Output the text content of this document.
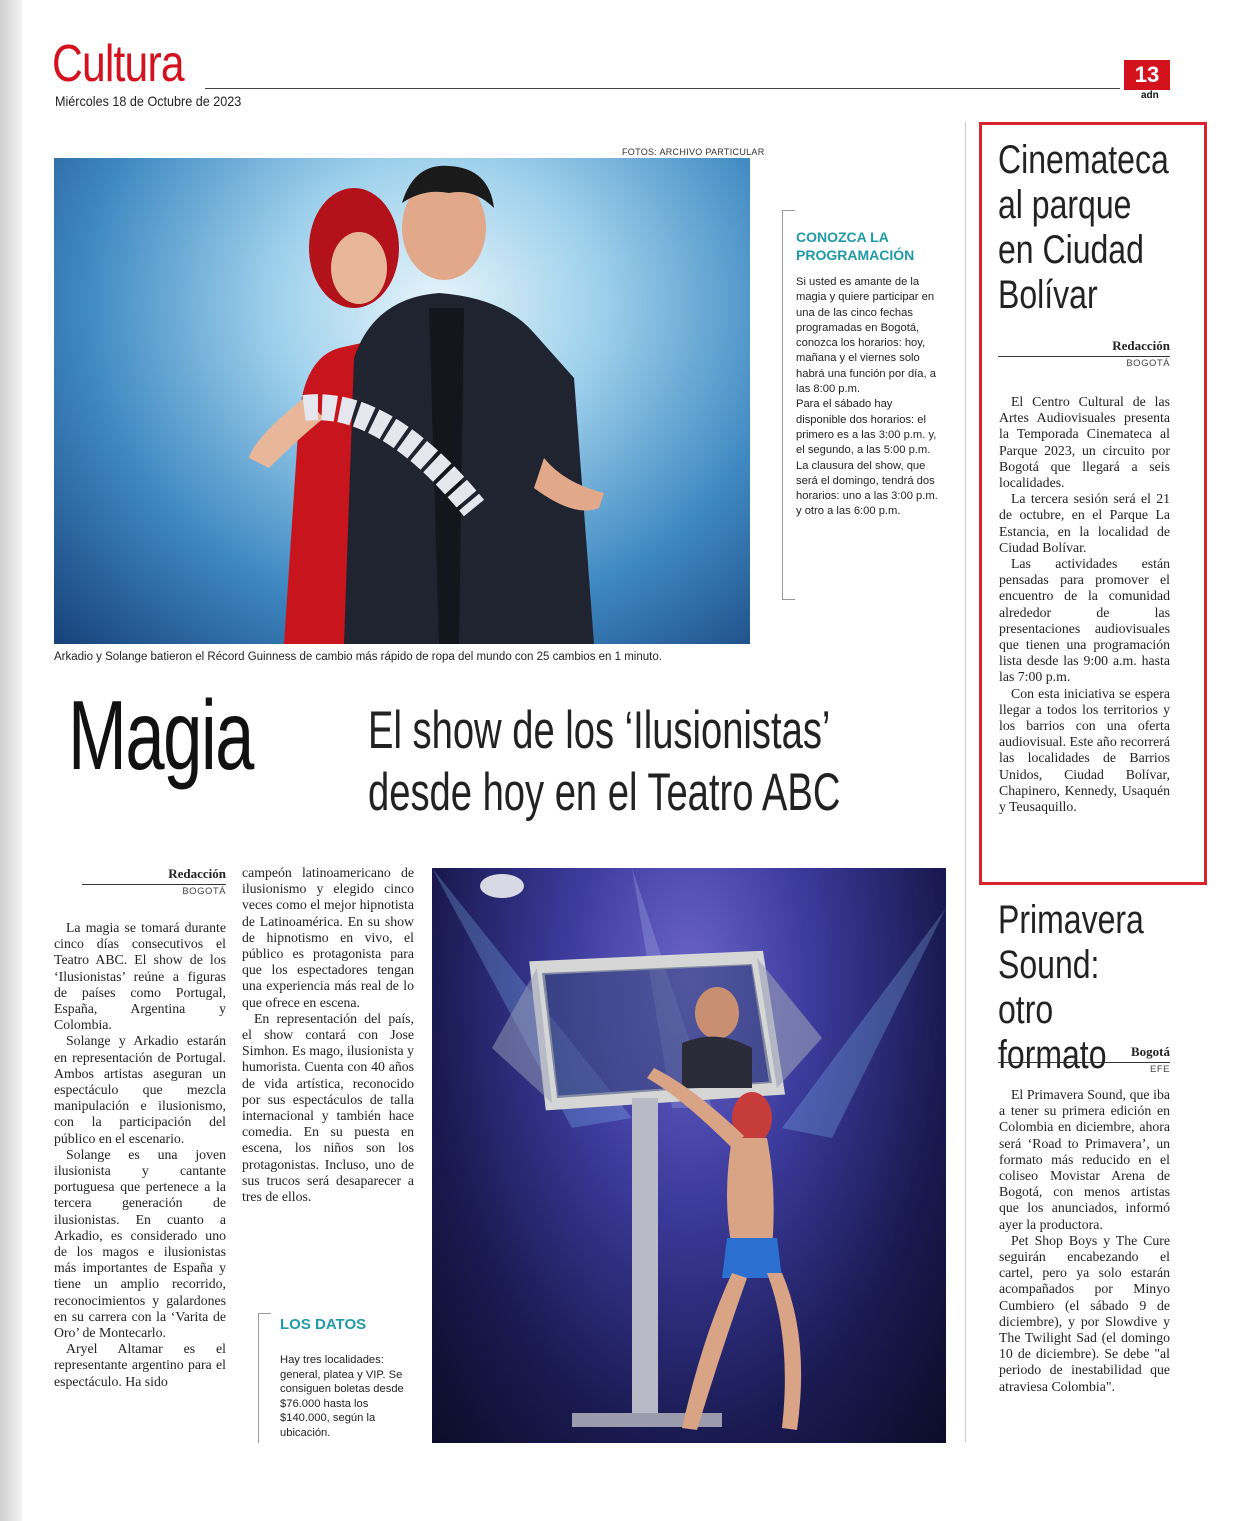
Cultura
Miércoles 18 de Octubre de 2023
13
adn
FOTOS: ARCHIVO PARTICULAR
Arkadio y Solange batieron el Récord Guinness de cambio más rápido de ropa del mundo con 25 cambios en 1 minuto.
CONOZCA LA PROGRAMACIÓN
Si usted es amante de la magia y quiere participar en una de las cinco fechas programadas en Bogotá, conozca los horarios: hoy, mañana y el viernes solo habrá una función por día, a las 8:00 p.m.
Para el sábado hay disponible dos horarios: el primero es a las 3:00 p.m. y, el segundo, a las 5:00 p.m.
La clausura del show, que será el domingo, tendrá dos horarios: uno a las 3:00 p.m. y otro a las 6:00 p.m.
Magia El show de los ‘Ilusionistas’
desde hoy en el Teatro ABC
Redacción
BOGOTÁ

La magia se tomará durante cinco días consecutivos el Teatro ABC. El show de los ‘Ilusionistas’ reúne a figuras de países como Portugal, España, Argentina y Colombia.

Solange y Arkadio estarán en representación de Portugal. Ambos artistas aseguran un espectáculo que mezcla manipulación e ilusionismo, con la participación del público en el escenario.

Solange es una joven ilusionista y cantante portuguesa que pertenece a la tercera generación de ilusionistas. En cuanto a Arkadio, es considerado uno de los magos e ilusionistas más importantes de España y tiene un amplio recorrido, reconocimientos y galardones en su carrera con la ‘Varita de Oro’ de Montecarlo.

Aryel Altamar es el representante argentino para el espectáculo. Ha sido

campeón latinoamericano de ilusionismo y elegido cinco veces como el mejor hipnotista de Latinoamérica. En su show de hipnotismo en vivo, el público es protagonista para que los espectadores tengan una experiencia más real de lo que ofrece en escena.

En representación del país, el show contará con Jose Simhon. Es mago, ilusionista y humorista. Cuenta con 40 años de vida artística, reconocido por sus espectáculos de talla internacional y también hace comedia. En su puesta en escena, los niños son los protagonistas. Incluso, uno de sus trucos será desaparecer a tres de ellos.

LOS DATOS
Hay tres localidades: general, platea y VIP. Se consiguen boletas desde $76.000 hasta los $140.000, según la ubicación.
Cinemateca
al parque
en Ciudad
Bolívar
Redacción
BOGOTÁ

El Centro Cultural de las Artes Audiovisuales presenta la Temporada Cinemateca al Parque 2023, un circuito por Bogotá que llegará a seis localidades.

La tercera sesión será el 21 de octubre, en el Parque La Estancia, en la localidad de Ciudad Bolívar.

Las actividades están pensadas para promover el encuentro de la comunidad alrededor de las presentaciones audiovisuales que tienen una programación lista desde las 9:00 a.m. hasta las 7:00 p.m.

Con esta iniciativa se espera llegar a todos los territorios y los barrios con una oferta audiovisual. Este año recorrerá las localidades de Barrios Unidos, Ciudad Bolívar, Chapinero, Kennedy, Usaquén y Teusaquillo.

Primavera
Sound: otro
formato	Bogotá
EFE

El Primavera Sound, que iba a tener su primera edición en Colombia en diciembre, ahora será ‘Road to Primavera’, un formato más reducido en el coliseo Movistar Arena de Bogotá, con menos artistas que los anunciados, informó ayer la productora.

Pet Shop Boys y The Cure seguirán encabezando el cartel, pero ya solo estarán acompañados por Minyo Cumbiero (el sábado 9 de diciembre), y por Slowdive y The Twilight Sad (el domingo 10 de diciembre). Se debe "al periodo de inestabilidad que atraviesa Colombia".
